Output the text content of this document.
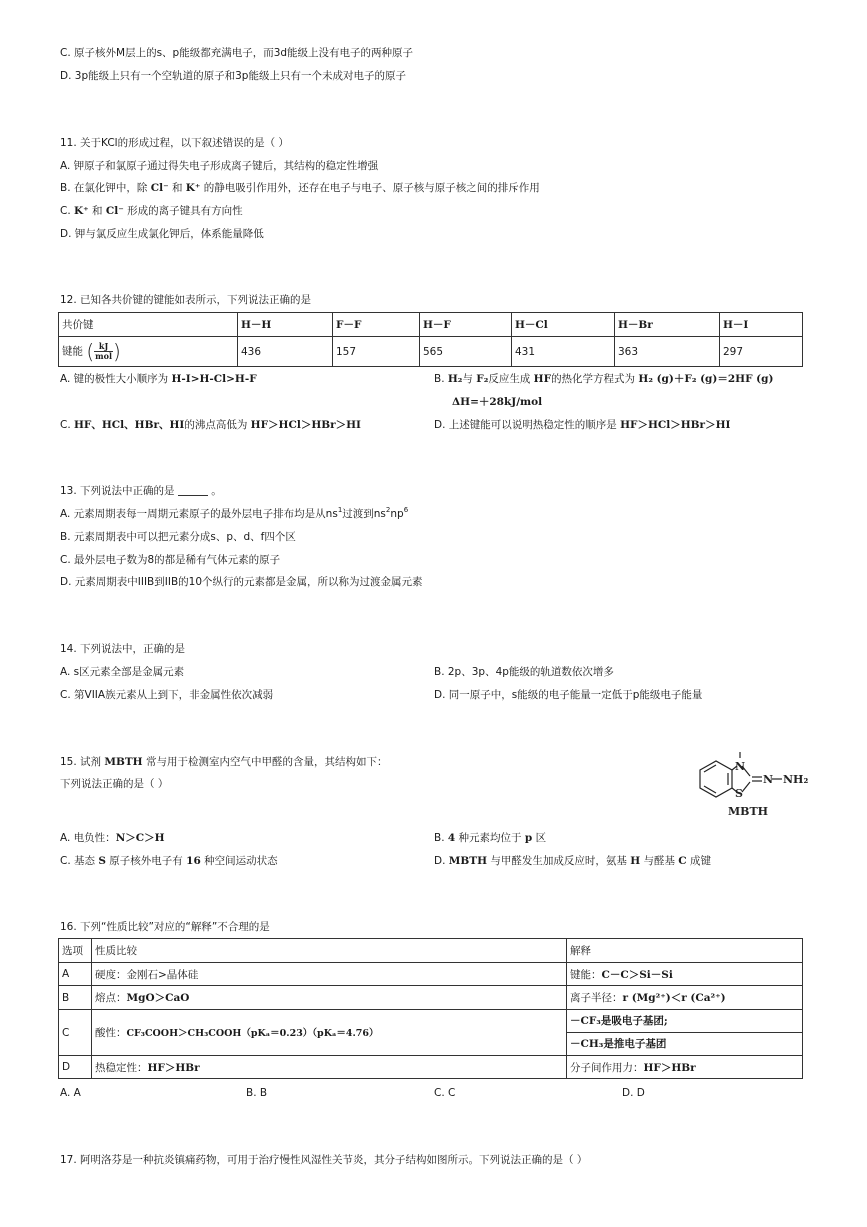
C. 原子核外M层上的s、p能级都充满电子，而3d能级上没有电子的两种原子
D. 3p能级上只有一个空轨道的原子和3p能级上只有一个未成对电子的原子
11. 关于KCl的形成过程，以下叙述错误的是（ ）
A. 钾原子和氯原子通过得失电子形成离子键后，其结构的稳定性增强
B. 在氯化钾中，除 Cl⁻ 和 K⁺ 的静电吸引作用外，还存在电子与电子、原子核与原子核之间的排斥作用
C. K⁺ 和 Cl⁻ 形成的离子键具有方向性
D. 钾与氯反应生成氯化钾后，体系能量降低
12. 已知各共价键的键能如表所示，下列说法正确的是
共价键	H－H	F－F	H－F	H－Cl	H－Br	H－I
键能 ( $\frac{kJ}{\text{mol}}$ )	436	157	565	431	363	297
A. 键的极性大小顺序为 H-I>H-Cl>H-F	B. H₂与 F₂反应生成 HF的热化学方程式为 H₂ (g)＋F₂ (g)＝2HF (g)
ΔH=＋28kJ/mol
C. HF、HCl、HBr、HI的沸点高低为 HF＞HCl＞HBr＞HI	D. 上述键能可以说明热稳定性的顺序是 HF＞HCl＞HBr＞HI
13. 下列说法中正确的是	。
A. 元素周期表每一周期元素原子的最外层电子排布均是从$ns^1$过渡到$ns^2np^6$
B. 元素周期表中可以把元素分成s、p、d、f四个区
C. 最外层电子数为8的都是稀有气体元素的原子
D. 元素周期表中IIIB到IIB的10个纵行的元素都是金属，所以称为过渡金属元素
14. 下列说法中，正确的是
A. s区元素全部是金属元素	B. 2p、3p、4p能级的轨道数依次增多
C. 第VIIA族元素从上到下，非金属性依次减弱	D. 同一原子中，s能级的电子能量一定低于p能级电子能量
15. 试剂 MBTH 常与用于检测室内空气中甲醛的含量，其结构如下：
下列说法正确的是（ ）
N
S
N NH₂
MBTH
A. 电负性：N＞C＞H	B. 4 种元素均位于 p 区
C. 基态 S 原子核外电子有 16 种空间运动状态	D. MBTH 与甲醛发生加成反应时，氨基 H 与醛基 C 成键
16. 下列“性质比较”对应的“解释”不合理的是
选项	性质比较	解释
A	硬度：金刚石>晶体硅	键能：C－C＞Si－Si
B	熔点：MgO＞CaO	离子半径：r (Mg²⁺)＜r (Ca²⁺)
C	酸性：CF₃COOH＞CH₃COOH（pKₐ＝0.23）（pKₐ＝4.76）	－CF₃是吸电子基团;
－CH₃是推电子基团

D	热稳定性：HF＞HBr	分子间作用力：HF＞HBr
A. A	B. B	C. C	D. D
17. 阿明洛芬是一种抗炎镇痛药物，可用于治疗慢性风湿性关节炎，其分子结构如图所示。下列说法正确的是（ ）
